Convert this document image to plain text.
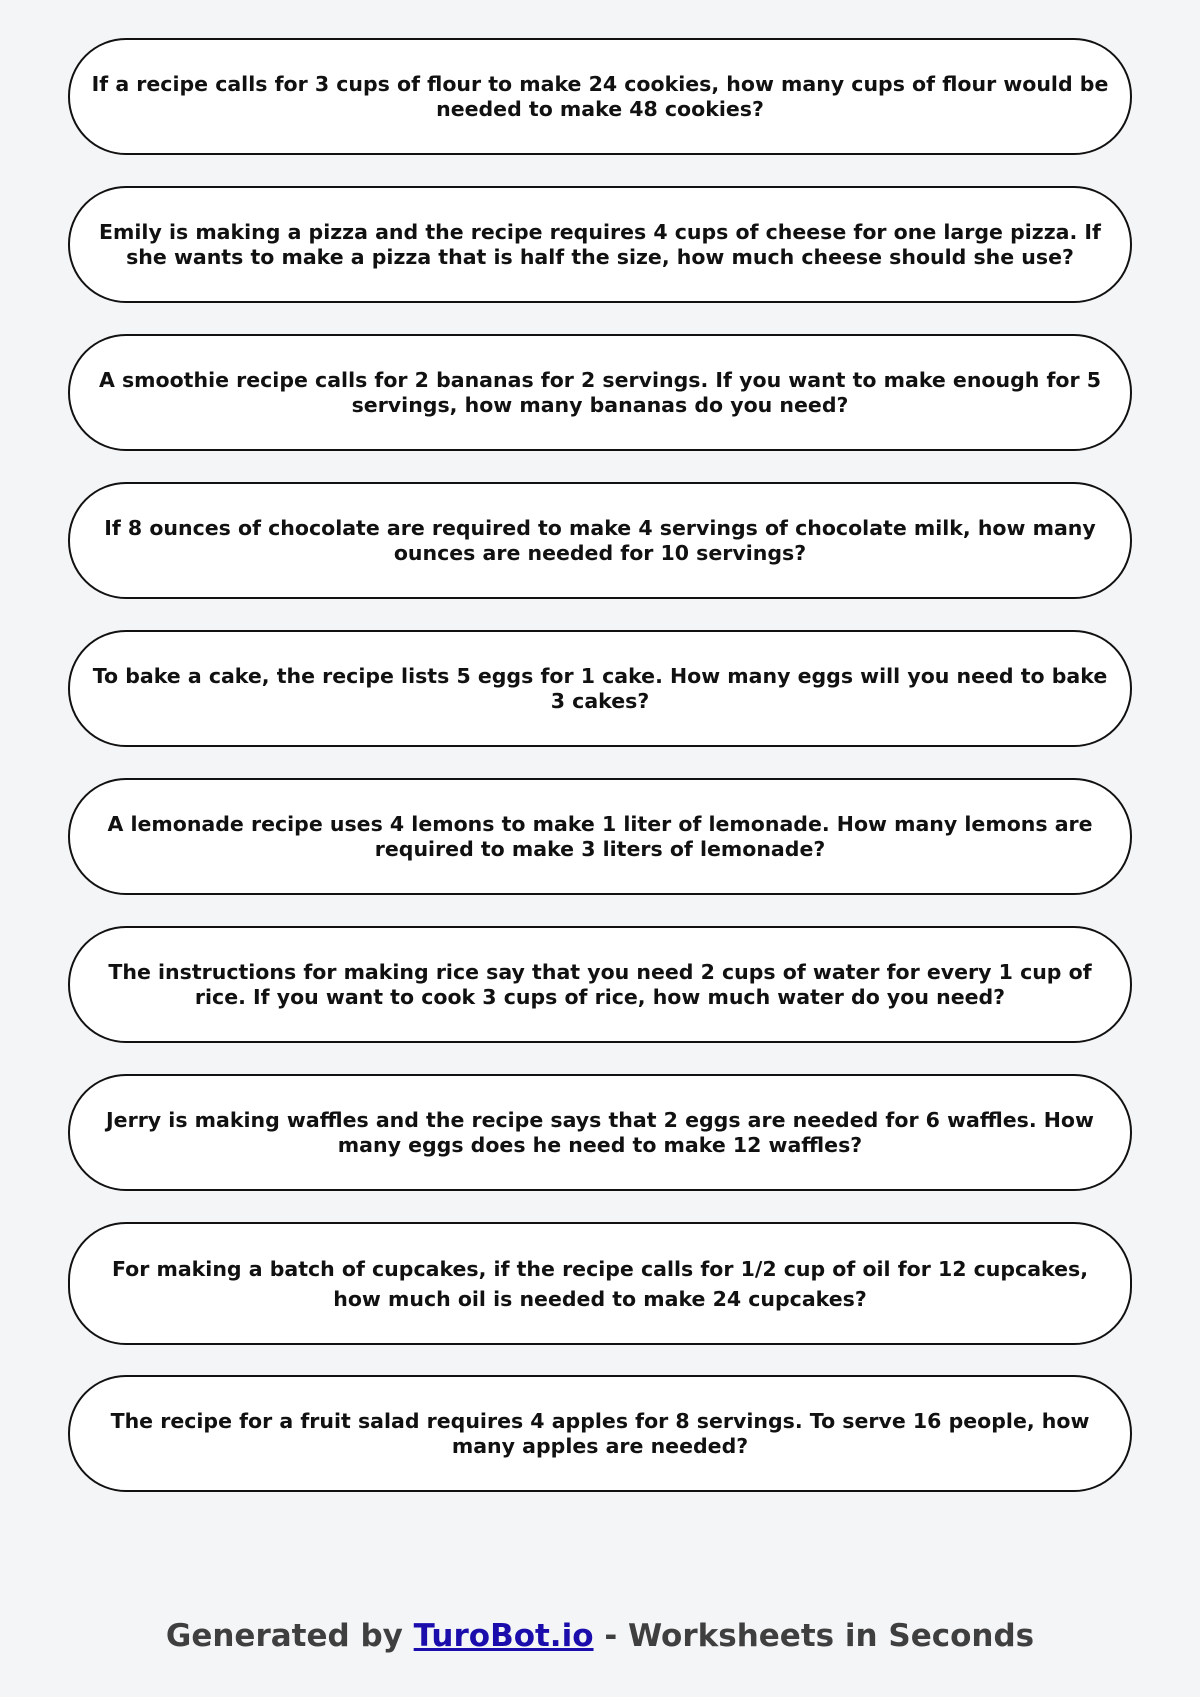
If a recipe calls for 3 cups of flour to make 24 cookies, how many cups of flour would be needed to make 48 cookies?
Emily is making a pizza and the recipe requires 4 cups of cheese for one large pizza. If she wants to make a pizza that is half the size, how much cheese should she use?
A smoothie recipe calls for 2 bananas for 2 servings. If you want to make enough for 5 servings, how many bananas do you need?
If 8 ounces of chocolate are required to make 4 servings of chocolate milk, how many ounces are needed for 10 servings?
To bake a cake, the recipe lists 5 eggs for 1 cake. How many eggs will you need to bake 3 cakes?
A lemonade recipe uses 4 lemons to make 1 liter of lemonade. How many lemons are required to make 3 liters of lemonade?
The instructions for making rice say that you need 2 cups of water for every 1 cup of rice. If you want to cook 3 cups of rice, how much water do you need?
Jerry is making waffles and the recipe says that 2 eggs are needed for 6 waffles. How many eggs does he need to make 12 waffles?
For making a batch of cupcakes, if the recipe calls for 1/2 cup of oil for 12 cupcakes, how much oil is needed to make 24 cupcakes?
The recipe for a fruit salad requires 4 apples for 8 servings. To serve 16 people, how many apples are needed?
Generated by TuroBot.io - Worksheets in Seconds
